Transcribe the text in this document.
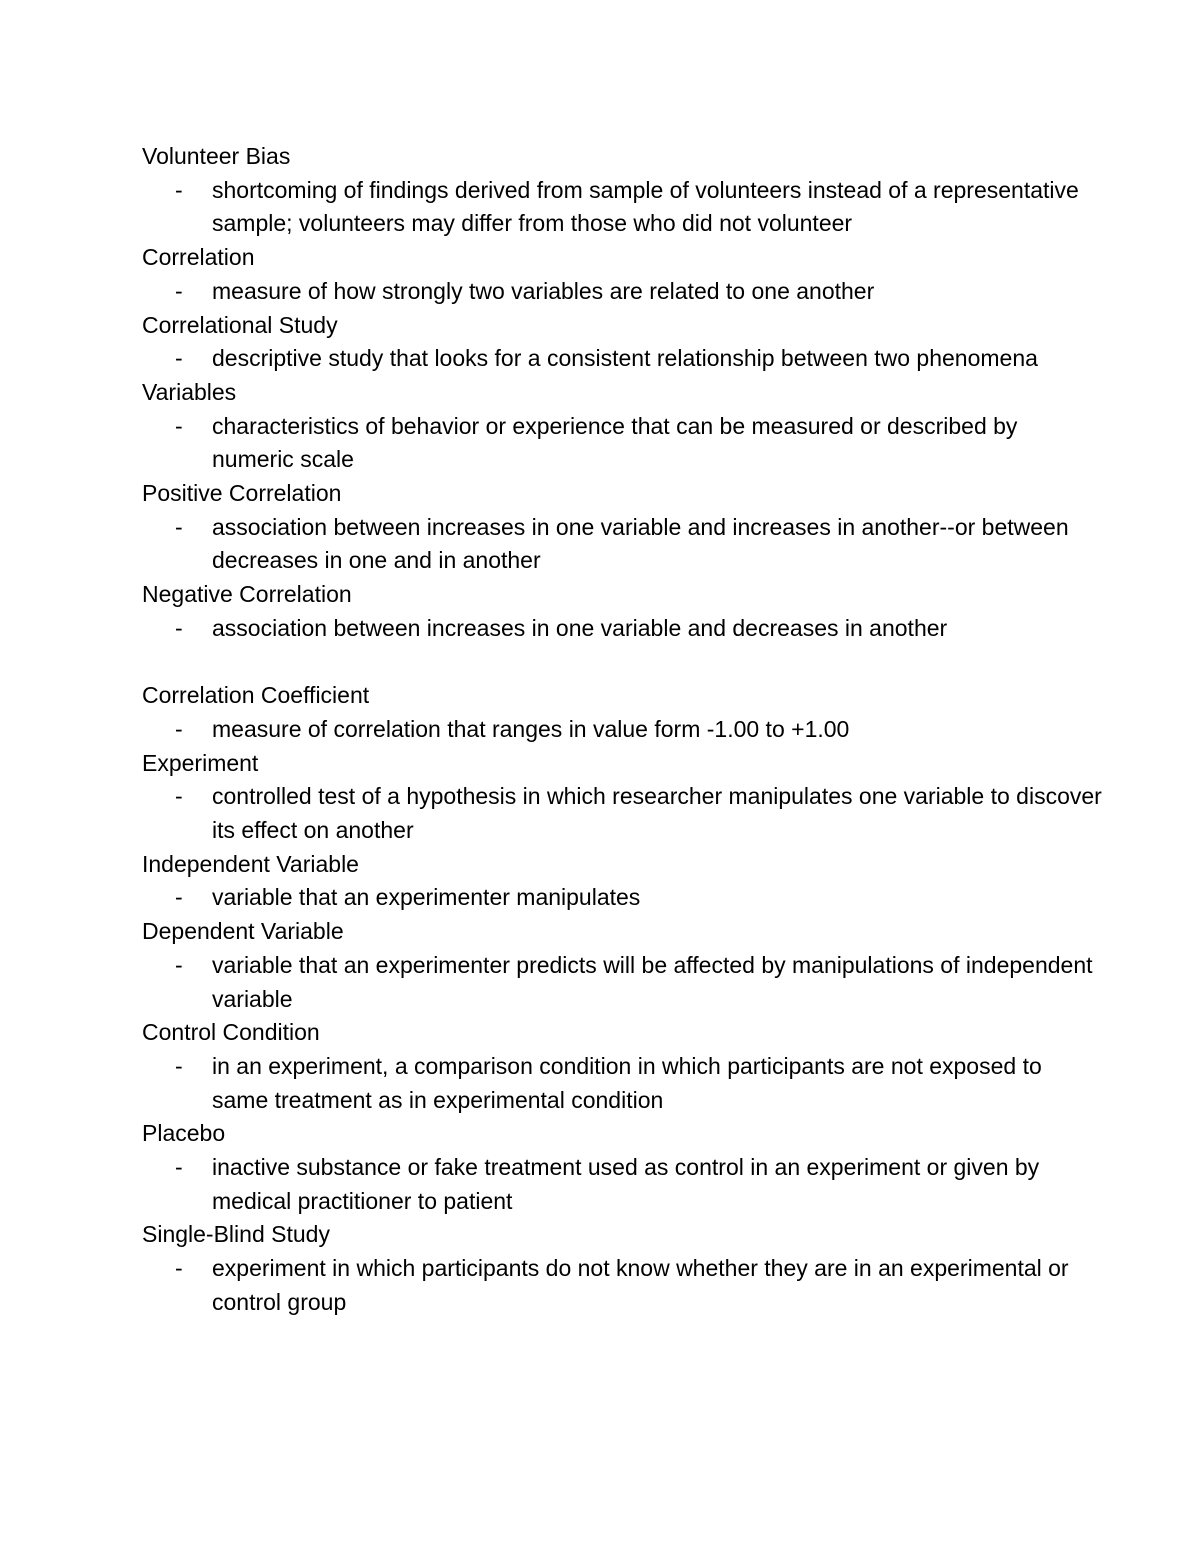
Volunteer Bias
- shortcoming of findings derived from sample of volunteers instead of a representative sample; volunteers may differ from those who did not volunteer
Correlation
- measure of how strongly two variables are related to one another
Correlational Study
- descriptive study that looks for a consistent relationship between two phenomena
Variables
- characteristics of behavior or experience that can be measured or described by numeric scale
Positive Correlation
- association between increases in one variable and increases in another--or between decreases in one and in another
Negative Correlation
- association between increases in one variable and decreases in another
Correlation Coefficient
- measure of correlation that ranges in value form -1.00 to +1.00
Experiment
- controlled test of a hypothesis in which researcher manipulates one variable to discover its effect on another
Independent Variable
- variable that an experimenter manipulates
Dependent Variable
- variable that an experimenter predicts will be affected by manipulations of independent variable
Control Condition
- in an experiment, a comparison condition in which participants are not exposed to same treatment as in experimental condition
Placebo
- inactive substance or fake treatment used as control in an experiment or given by medical practitioner to patient
Single-Blind Study
- experiment in which participants do not know whether they are in an experimental or control group
